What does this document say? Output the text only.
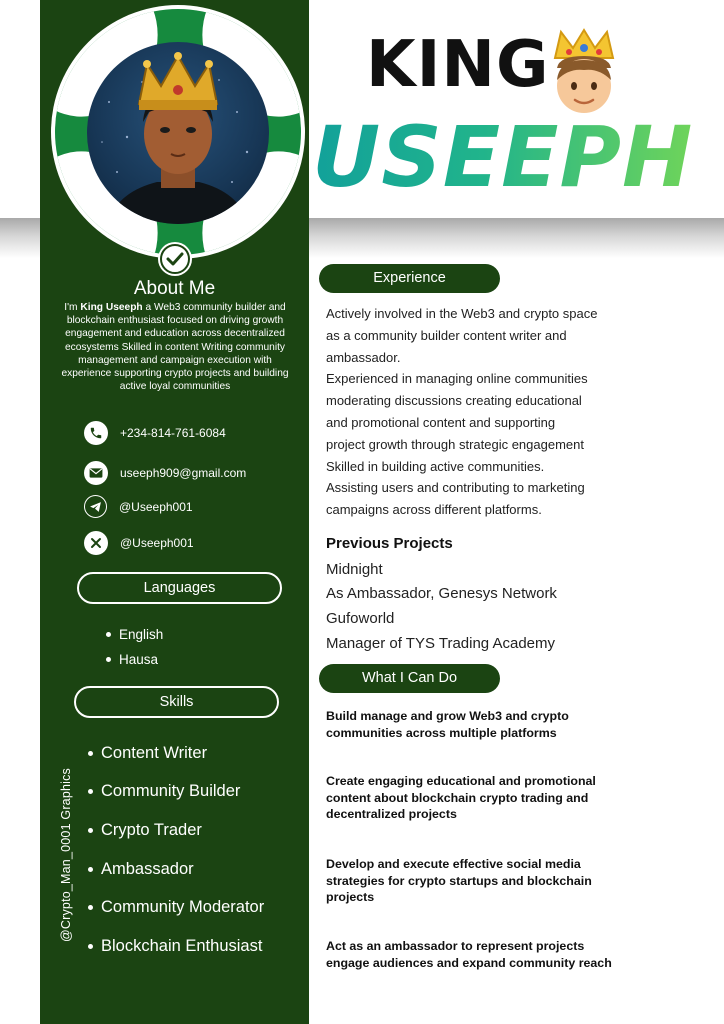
About Me
I'm King Useeph a Web3 community builder and blockchain enthusiast focused on driving growth engagement and education across decentralized ecosystems Skilled in content Writing community management and campaign execution with experience supporting crypto projects and building active loyal communities
+234-814-761-6084
useeph909@gmail.com
@Useeph001
@Useeph001
Languages
English
Hausa
Skills
Content Writer
Community Builder
Crypto Trader
Ambassador
Community Moderator
Blockchain Enthusiast
@Crypto_Man_0001 Graphics
KING
USEEPH
Experience
Actively involved in the Web3 and crypto space
as a community builder content writer and
ambassador.
Experienced in managing online communities
moderating discussions creating educational
and promotional content and supporting
project growth through strategic engagement
Skilled in building active communities.
Assisting users and contributing to marketing
campaigns across different platforms.
Previous Projects
Midnight
As Ambassador, Genesys Network
Gufoworld
Manager of TYS Trading Academy
What I Can Do
Build manage and grow Web3 and crypto communities across multiple platforms
Create engaging educational and promotional content about blockchain crypto trading and decentralized projects
Develop and execute effective social media strategies for crypto startups and blockchain projects
Act as an ambassador to represent projects engage audiences and expand community reach
